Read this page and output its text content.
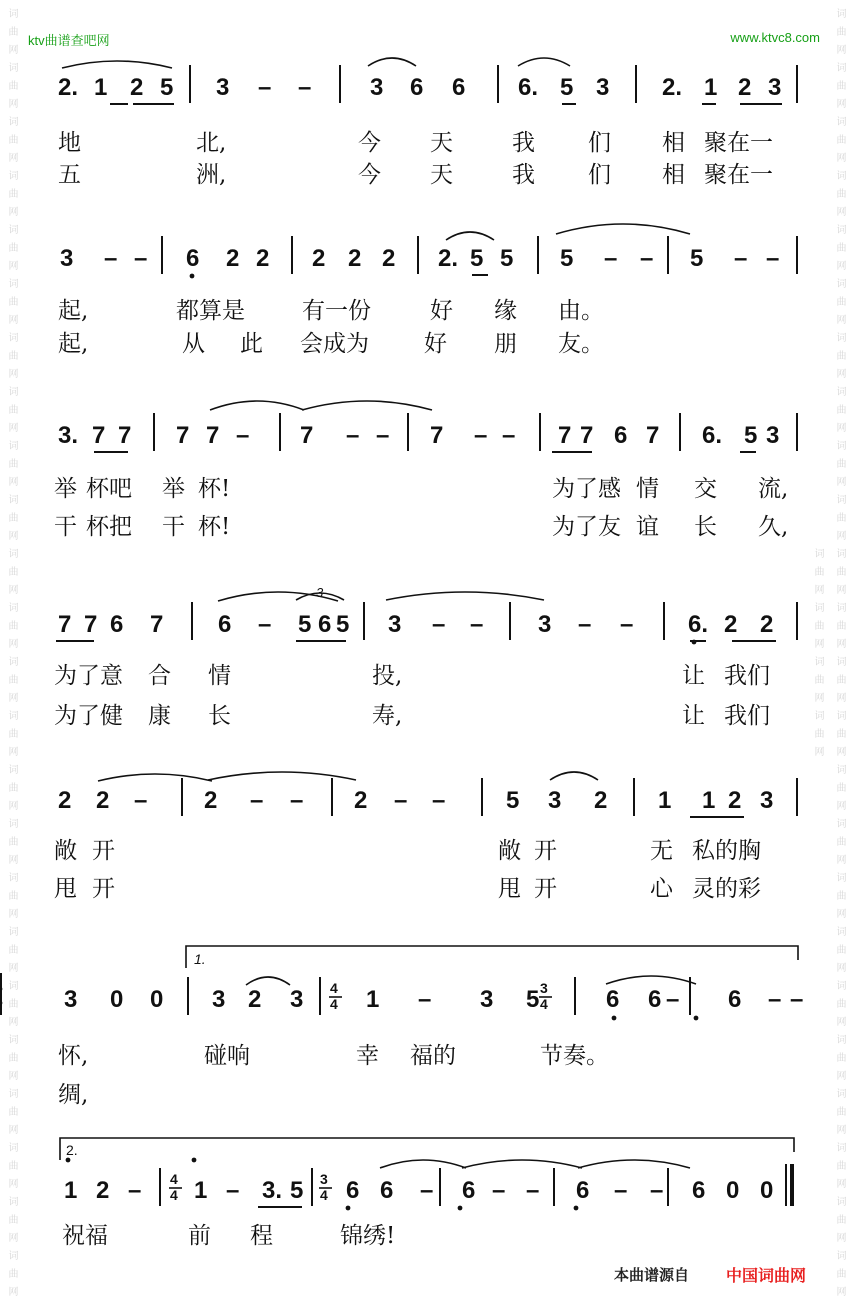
词曲网词曲网词曲网词曲网词曲网词曲网词曲网词曲网词曲网词曲网词曲网词曲网词曲网词曲网词曲网词曲网词曲网词曲网词曲网词曲网词曲网词曲网词曲网词曲网	词曲网词曲网词曲网词曲网词曲网词曲网词曲网词曲网词曲网词曲网词曲网词曲网词曲网词曲网词曲网词曲网词曲网词曲网词曲网词曲网词曲网词曲网词曲网词曲网词曲网词曲网词曲网词曲网
ktv曲谱查吧网	www.ktvc8.com
2. 1 2 5 3 – – 3 6 6 6. 5 3 2. 1 2 3
3 – – 6 2 2 2 2 2 2. 5 5 5 – – 5 – –
3. 7 7 7 7 – 7 – – 7 – – 7 7 6 7 6. 5 3
7 7 6 7 6 – 5 6 5 3 – – 3 – – 6. 2 2
2 2 – 2 – – 2 – –	5 3 2 1 1 2 3
3 0 0 3 2 3	1 – 3 5	6 6 – 6 – –
1 2 – 1 – 3. 5 6 6 – 6 – – 6 – – 6 0 0
4
4
3
4
4
4
3
4
1.
2.
3
地	北,	今 天	我 们 相 聚在一
五	洲,	今 天	我 们 相 聚在一
起,	都算是 有一份	好 缘 由。
起,	从 此 会成为 好 朋 友。
举 杯吧 举 杯!	为了感 情 交 流,
干 杯把 干 杯!	为了友 谊 长 久,
为了意 合 情	投,	让 我们
为了健 康 长	寿,	让 我们
敞 开	敞 开	无 私的胸
甩 开	甩 开	心 灵的彩
怀,	碰响	幸 福的	节奏。
绸,
祝福	前 程	锦绣!
本曲谱源自 中国词曲网
